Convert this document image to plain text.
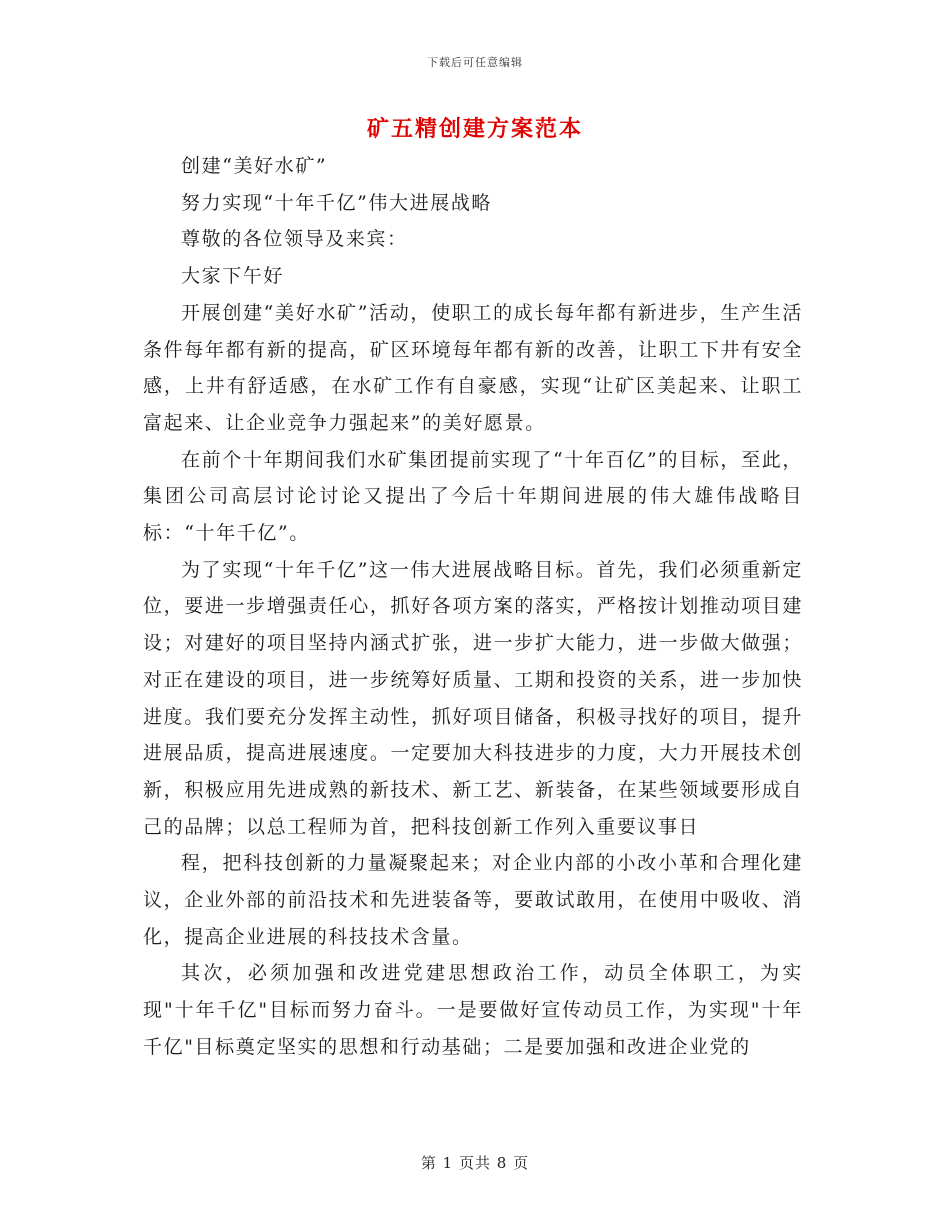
下载后可任意编辑
矿五精创建方案范本

创建“美好水矿”

努力实现“十年千亿”伟大进展战略

尊敬的各位领导及来宾：

大家下午好

开展创建“美好水矿”活动，使职工的成长每年都有新进步，生产生活条件每年都有新的提高，矿区环境每年都有新的改善，让职工下井有安全感，上井有舒适感，在水矿工作有自豪感，实现“让矿区美起来、让职工富起来、让企业竞争力强起来”的美好愿景。

在前个十年期间我们水矿集团提前实现了“十年百亿”的目标，至此，集团公司高层讨论讨论又提出了今后十年期间进展的伟大雄伟战略目标：“十年千亿”。

为了实现“十年千亿”这一伟大进展战略目标。首先，我们必须重新定位，要进一步增强责任心，抓好各项方案的落实，严格按计划推动项目建设；对建好的项目坚持内涵式扩张，进一步扩大能力，进一步做大做强；对正在建设的项目，进一步统筹好质量、工期和投资的关系，进一步加快进度。我们要充分发挥主动性，抓好项目储备，积极寻找好的项目，提升进展品质，提高进展速度。一定要加大科技进步的力度，大力开展技术创新，积极应用先进成熟的新技术、新工艺、新装备，在某些领域要形成自己的品牌；以总工程师为首，把科技创新工作列入重要议事日

程，把科技创新的力量凝聚起来；对企业内部的小改小革和合理化建议，企业外部的前沿技术和先进装备等，要敢试敢用，在使用中吸收、消化，提高企业进展的科技技术含量。

其次，必须加强和改进党建思想政治工作，动员全体职工，为实现"十年千亿"目标而努力奋斗。一是要做好宣传动员工作，为实现"十年千亿"目标奠定坚实的思想和行动基础；二是要加强和改进企业党的

第 1 页共 8 页
